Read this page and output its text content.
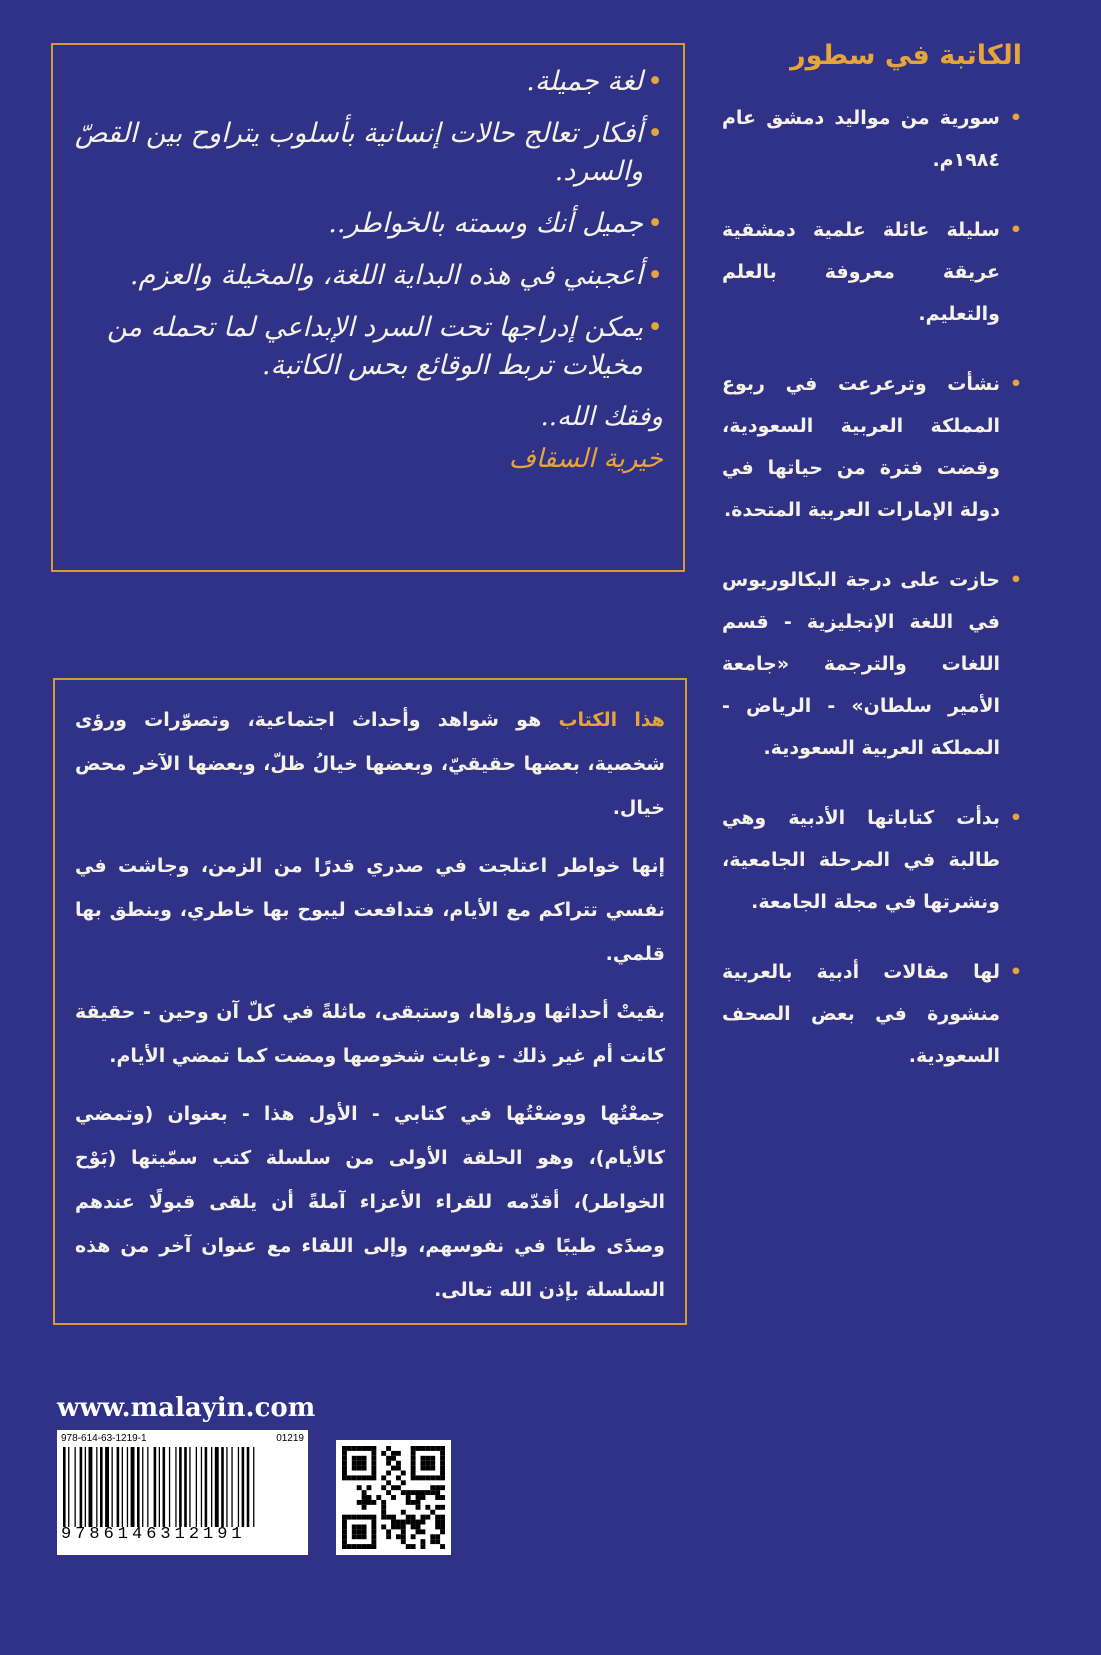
•
لغة جميلة.
•
أفكار تعالج حالات إنسانية بأسلوب يتراوح بين القصّ والسرد.
•
جميل أنك وسمته بالخواطر..
•
أعجبني في هذه البداية اللغة، والمخيلة والعزم.
•
يمكن إدراجها تحت السرد الإبداعي لما تحمله من مخيلات تربط الوقائع بحس الكاتبة.
وفقك الله..
خيرية السقاف

هذا الكتاب هو شواهد وأحداث اجتماعية، وتصوّرات ورؤى شخصية، بعضها حقيقيّ، وبعضها خيالُ ظلّ، وبعضها الآخر محض خيال.

إنها خواطر اعتلجت في صدري قدرًا من الزمن، وجاشت في نفسي تتراكم مع الأيام، فتدافعت ليبوح بها خاطري، وينطق بها قلمي.

بقيتْ أحداثها ورؤاها، وستبقى، ماثلةً في كلّ آن وحين - حقيقة كانت أم غير ذلك - وغابت شخوصها ومضت كما تمضي الأيام.

جمعْتُها ووضعْتُها في كتابي - الأول هذا - بعنوان (وتمضي كالأيام)، وهو الحلقة الأولى من سلسلة كتب سمّيتها (بَوْح الخواطر)، أقدّمه للقراء الأعزاء آملةً أن يلقى قبولًا عندهم وصدًى طيبًا في نفوسهم، وإلى اللقاء مع عنوان آخر من هذه السلسلة بإذن الله تعالى.

الكاتبة في سطور
•
سورية من مواليد دمشق عام ١٩٨٤م.
•
سليلة عائلة علمية دمشقية عريقة معروفة بالعلم والتعليم.
•
نشأت وترعرعت في ربوع المملكة العربية السعودية، وقضت فترة من حياتها في دولة الإمارات العربية المتحدة.
•
حازت على درجة البكالوريوس في اللغة الإنجليزية - قسم اللغات والترجمة «جامعة الأمير سلطان» - الرياض - المملكة العربية السعودية.
•
بدأت كتاباتها الأدبية وهي طالبة في المرحلة الجامعية، ونشرتها في مجلة الجامعة.
•
لها مقالات أدبية بالعربية منشورة في بعض الصحف السعودية.
www.malayin.com
978-614-63-1219-1	01219
9786146312191
